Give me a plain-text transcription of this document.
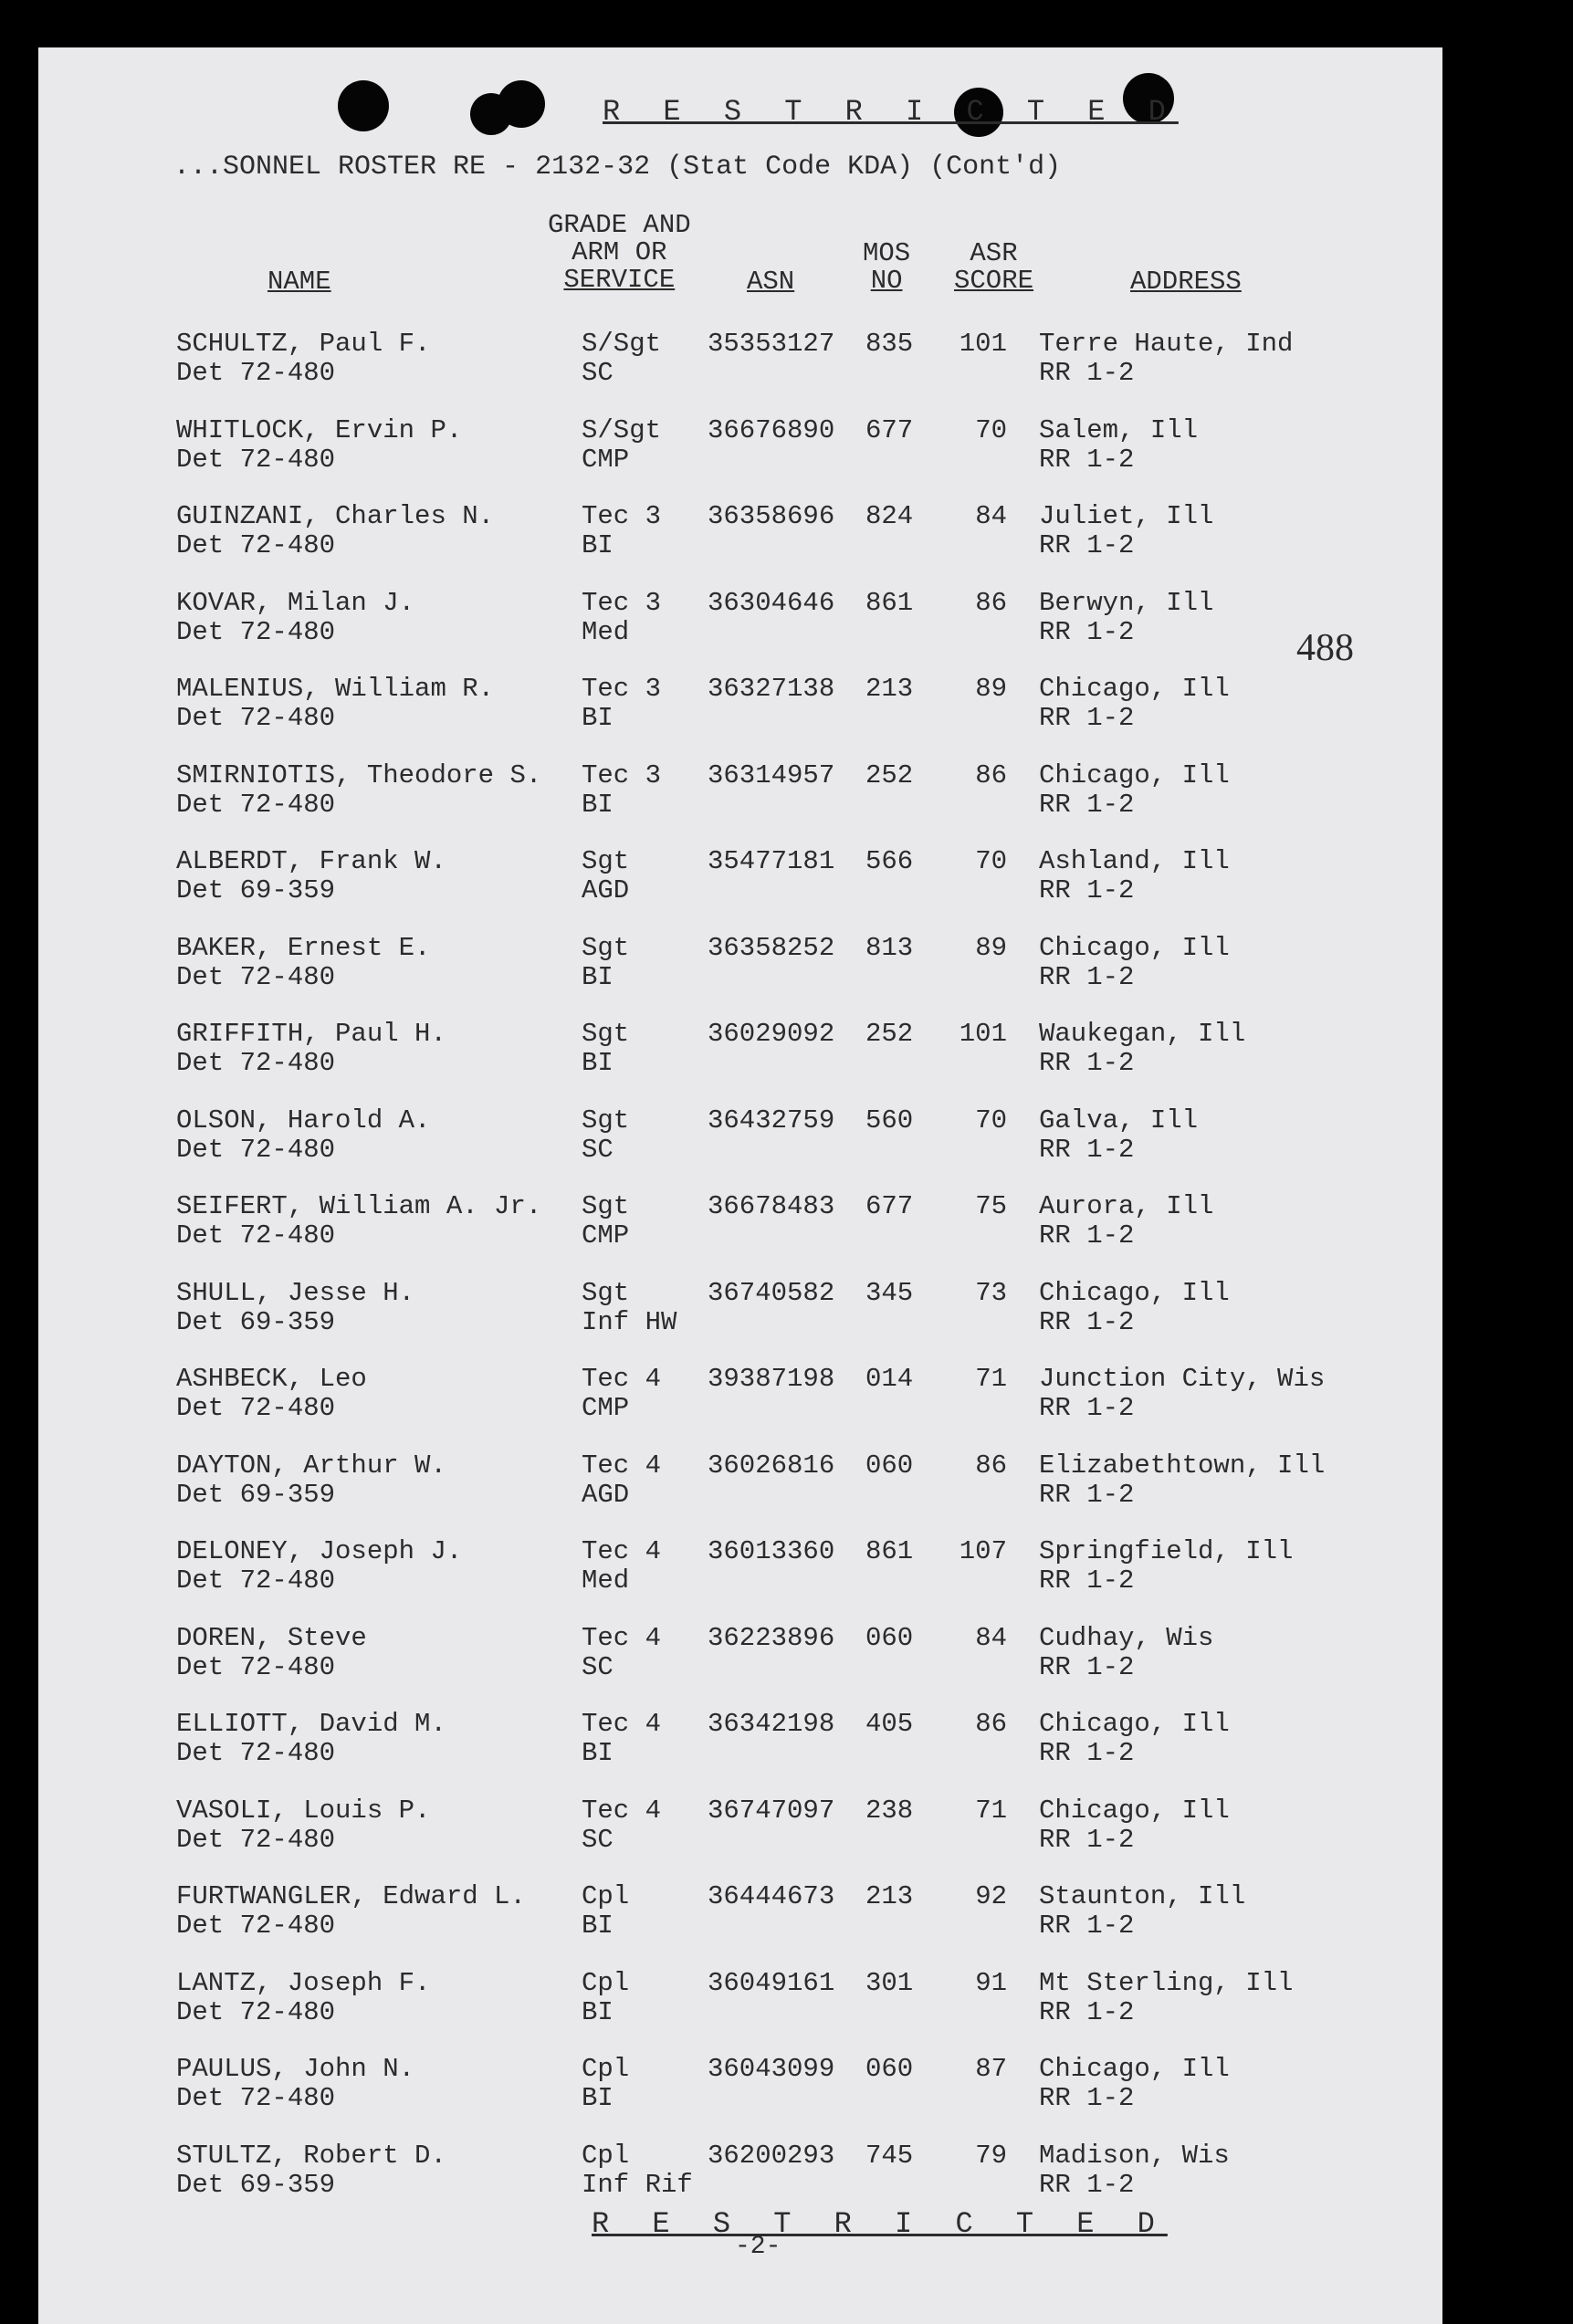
R E S T R I C T E D
...SONNEL ROSTER RE - 2132-32 (Stat Code KDA) (Cont'd)
GRADE AND
ARM OR
SERVICE
NAME	ASN
MOS
NO
ASR
SCORE	ADDRESS
488
SCHULTZ, Paul F.
Det 72-480
S/Sgt
SC
35353127 835 101 Terre Haute, Ind
RR 1-2
WHITLOCK, Ervin P.
Det 72-480
S/Sgt
CMP
36676890 677 70 Salem, Ill
RR 1-2
GUINZANI, Charles N.
Det 72-480
Tec 3
BI
36358696 824 84 Juliet, Ill
RR 1-2
KOVAR, Milan J.
Det 72-480
Tec 3
Med
36304646 861 86 Berwyn, Ill
RR 1-2
MALENIUS, William R.
Det 72-480
Tec 3
BI
36327138 213 89 Chicago, Ill
RR 1-2
SMIRNIOTIS, Theodore S.
Det 72-480
Tec 3
BI
36314957 252 86 Chicago, Ill
RR 1-2
ALBERDT, Frank W.
Det 69-359
Sgt
AGD
35477181 566 70 Ashland, Ill
RR 1-2
BAKER, Ernest E.
Det 72-480
Sgt
BI
36358252 813 89 Chicago, Ill
RR 1-2
GRIFFITH, Paul H.
Det 72-480
Sgt
BI
36029092 252 101 Waukegan, Ill
RR 1-2
OLSON, Harold A.
Det 72-480
Sgt
SC
36432759 560 70 Galva, Ill
RR 1-2
SEIFERT, William A. Jr.
Det 72-480
Sgt
CMP
36678483 677 75 Aurora, Ill
RR 1-2
SHULL, Jesse H.
Det 69-359
Sgt
Inf HW
36740582 345 73 Chicago, Ill
RR 1-2
ASHBECK, Leo
Det 72-480
Tec 4
CMP
39387198 014 71 Junction City, Wis
RR 1-2
DAYTON, Arthur W.
Det 69-359
Tec 4
AGD
36026816 060 86 Elizabethtown, Ill
RR 1-2
DELONEY, Joseph J.
Det 72-480
Tec 4
Med
36013360 861 107 Springfield, Ill
RR 1-2
DOREN, Steve
Det 72-480
Tec 4
SC
36223896 060 84 Cudhay, Wis
RR 1-2
ELLIOTT, David M.
Det 72-480
Tec 4
BI
36342198 405 86 Chicago, Ill
RR 1-2
VASOLI, Louis P.
Det 72-480
Tec 4
SC
36747097 238 71 Chicago, Ill
RR 1-2
FURTWANGLER, Edward L.
Det 72-480
Cpl
BI
36444673 213 92 Staunton, Ill
RR 1-2
LANTZ, Joseph F.
Det 72-480
Cpl
BI
36049161 301 91 Mt Sterling, Ill
RR 1-2
PAULUS, John N.
Det 72-480
Cpl
BI
36043099 060 87 Chicago, Ill
RR 1-2
STULTZ, Robert D.
Det 69-359
Cpl
Inf Rif
36200293 745 79 Madison, Wis
RR 1-2
R E S T R I C T E D
-2-
